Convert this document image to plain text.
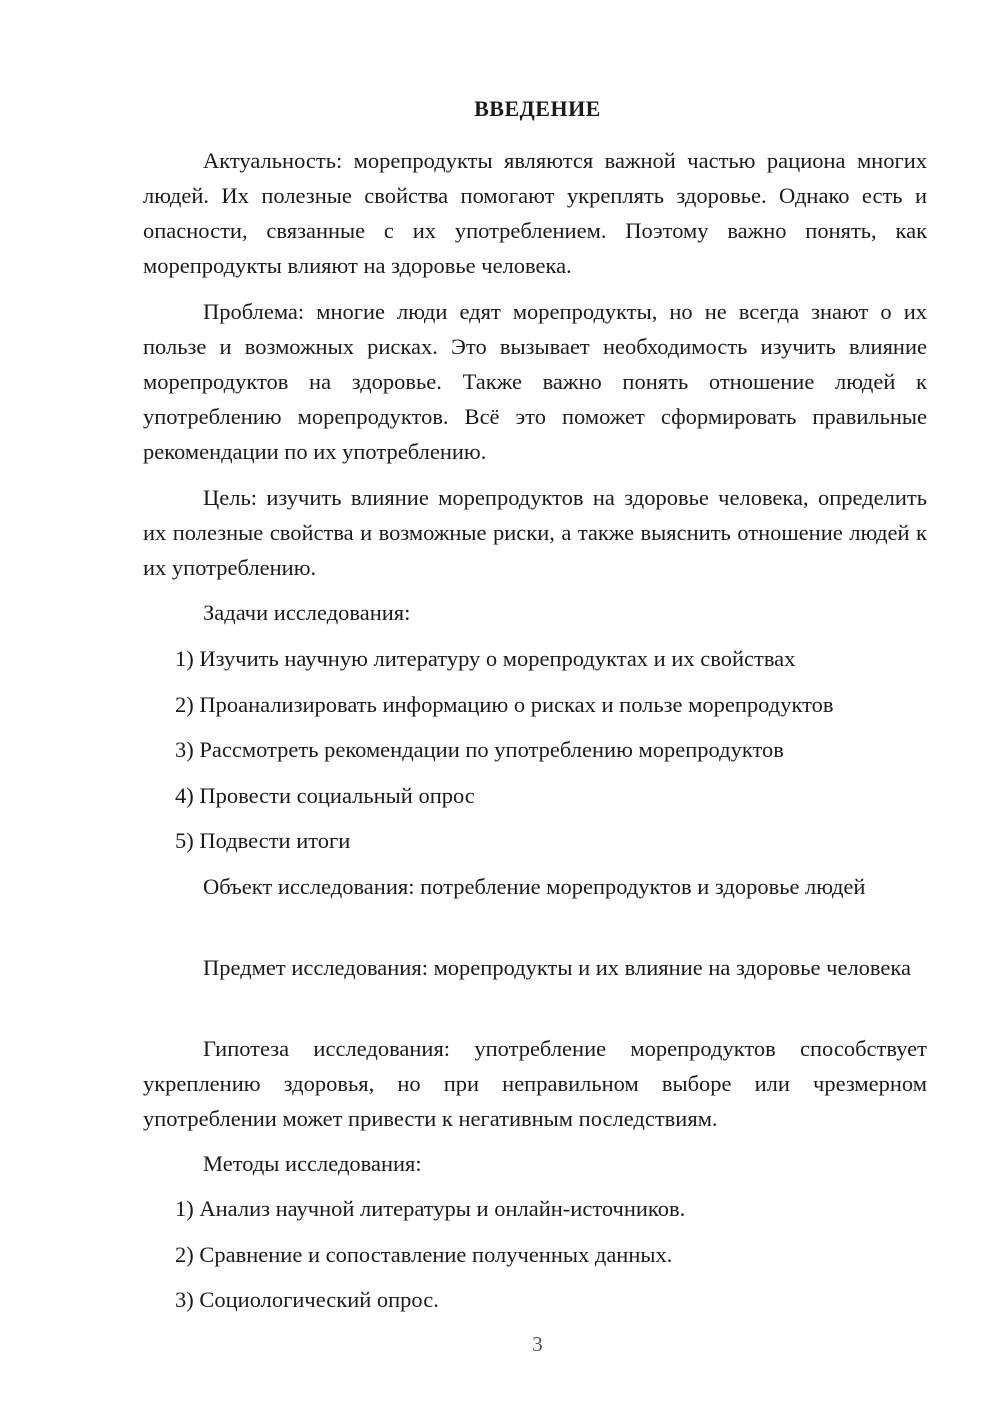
ВВЕДЕНИЕ

Актуальность: морепродукты являются важной частью рациона многих людей. Их полезные свойства помогают укреплять здоровье. Однако есть и опасности, связанные с их употреблением. Поэтому важно понять, как морепродукты влияют на здоровье человека.

Проблема: многие люди едят морепродукты, но не всегда знают о их пользе и возможных рисках. Это вызывает необходимость изучить влияние морепродуктов на здоровье. Также важно понять отношение людей к употреблению морепродуктов. Всё это поможет сформировать правильные рекомендации по их употреблению.

Цель: изучить влияние морепродуктов на здоровье человека, определить их полезные свойства и возможные риски, а также выяснить отношение людей к их употреблению.

Задачи исследования:

1) Изучить научную литературу о морепродуктах и их свойствах

2) Проанализировать информацию о рисках и пользе морепродуктов

3) Рассмотреть рекомендации по употреблению морепродуктов

4) Провести социальный опрос

5) Подвести итоги

Объект исследования: потребление морепродуктов и здоровье людей

Предмет исследования: морепродукты и их влияние на здоровье человека

Гипотеза исследования: употребление морепродуктов способствует укреплению здоровья, но при неправильном выборе или чрезмерном употреблении может привести к негативным последствиям.

Методы исследования:

1) Анализ научной литературы и онлайн-источников.

2) Сравнение и сопоставление полученных данных.

3) Социологический опрос.

3
